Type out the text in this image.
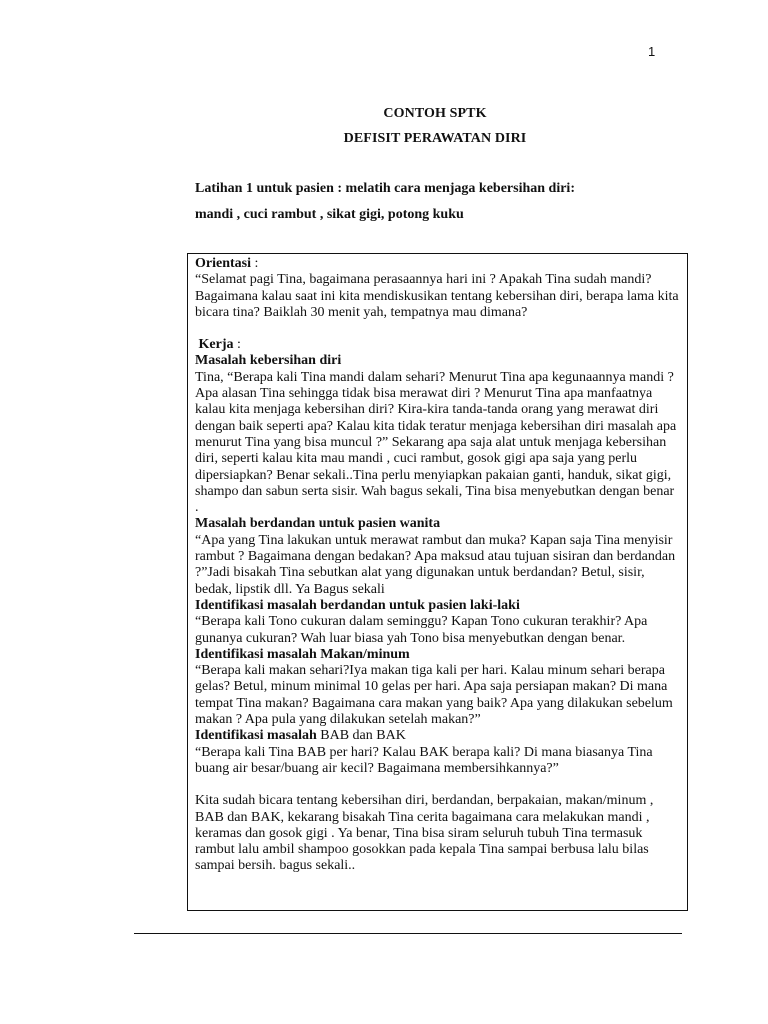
1
CONTOH SPTK
DEFISIT PERAWATAN DIRI
Latihan 1 untuk pasien : melatih cara menjaga kebersihan diri:
mandi , cuci rambut , sikat gigi, potong kuku

Orientasi :

“Selamat pagi Tina, bagaimana perasaannya hari ini ? Apakah Tina sudah mandi? Bagaimana kalau saat ini kita mendiskusikan tentang kebersihan diri, berapa lama kita bicara tina? Baiklah 30 menit yah, tempatnya mau dimana?

Kerja :

Masalah kebersihan diri

Tina, “Berapa kali Tina mandi dalam sehari? Menurut Tina apa kegunaannya mandi ?Apa alasan Tina sehingga tidak bisa merawat diri ? Menurut Tina apa manfaatnya kalau kita menjaga kebersihan diri? Kira-kira tanda-tanda orang yang merawat diri dengan baik seperti apa? Kalau kita tidak teratur menjaga kebersihan diri masalah apa menurut Tina yang bisa muncul ?” Sekarang apa saja alat untuk menjaga kebersihan diri, seperti kalau kita mau mandi , cuci rambut, gosok gigi apa saja yang perlu dipersiapkan? Benar sekali..Tina perlu menyiapkan pakaian ganti, handuk, sikat gigi, shampo dan sabun serta sisir. Wah bagus sekali, Tina bisa menyebutkan dengan benar .

Masalah berdandan untuk pasien wanita

“Apa yang Tina lakukan untuk merawat rambut dan muka? Kapan saja Tina menyisir rambut ? Bagaimana dengan bedakan? Apa maksud atau tujuan sisiran dan berdandan ?”Jadi bisakah Tina sebutkan alat yang digunakan untuk berdandan? Betul, sisir, bedak, lipstik dll. Ya Bagus sekali

Identifikasi masalah berdandan untuk pasien laki-laki

“Berapa kali Tono cukuran dalam seminggu? Kapan Tono cukuran terakhir? Apa gunanya cukuran? Wah luar biasa yah Tono bisa menyebutkan dengan benar.

Identifikasi masalah Makan/minum

“Berapa kali makan sehari?Iya makan tiga kali per hari. Kalau minum sehari berapa gelas? Betul, minum minimal 10 gelas per hari. Apa saja persiapan makan? Di mana tempat Tina makan? Bagaimana cara makan yang baik? Apa yang dilakukan sebelum makan ? Apa pula yang dilakukan setelah makan?”

Identifikasi masalah BAB dan BAK

“Berapa kali Tina BAB per hari? Kalau BAK berapa kali? Di mana biasanya Tina buang air besar/buang air kecil? Bagaimana membersihkannya?”

Kita sudah bicara tentang kebersihan diri, berdandan, berpakaian, makan/minum , BAB dan BAK, kekarang bisakah Tina cerita bagaimana cara melakukan mandi , keramas dan gosok gigi . Ya benar, Tina bisa siram seluruh tubuh Tina termasuk rambut lalu ambil shampoo gosokkan pada kepala Tina sampai berbusa lalu bilas sampai bersih. bagus sekali..
